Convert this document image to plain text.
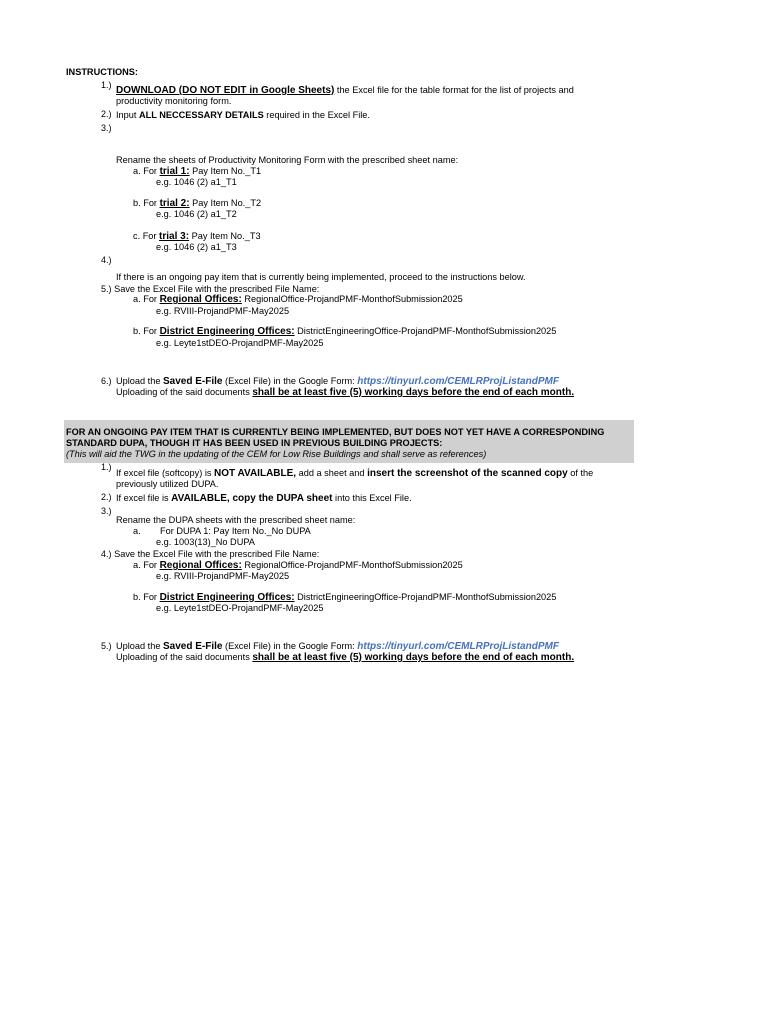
INSTRUCTIONS:
1.) DOWNLOAD (DO NOT EDIT in Google Sheets) the Excel file for the table format for the list of projects and
productivity monitoring form.
2.) Input ALL NECCESSARY DETAILS required in the Excel File.
3.)
Rename the sheets of Productivity Monitoring Form with the prescribed sheet name:
a. For trial 1: Pay Item No._T1
e.g. 1046 (2) a1_T1
b. For trial 2: Pay Item No._T2
e.g. 1046 (2) a1_T2
c. For trial 3: Pay Item No._T3
e.g. 1046 (2) a1_T3
4.)
If there is an ongoing pay item that is currently being implemented, proceed to the instructions below.
5.) Save the Excel File with the prescribed File Name:
a. For Regional Offices: RegionalOffice-ProjandPMF-MonthofSubmission2025
e.g. RVIII-ProjandPMF-May2025
b. For District Engineering Offices: DistrictEngineeringOffice-ProjandPMF-MonthofSubmission2025
e.g. Leyte1stDEO-ProjandPMF-May2025
6.) Upload the Saved E-File (Excel File) in the Google Form: https://tinyurl.com/CEMLRProjListandPMF
Uploading of the said documents shall be at least five (5) working days before the end of each month.
FOR AN ONGOING PAY ITEM THAT IS CURRENTLY BEING IMPLEMENTED, BUT DOES NOT YET HAVE A CORRESPONDING
STANDARD DUPA, THOUGH IT HAS BEEN USED IN PREVIOUS BUILDING PROJECTS:
(This will aid the TWG in the updating of the CEM for Low Rise Buildings and shall serve as references)
1.)
If excel file (softcopy) is NOT AVAILABLE, add a sheet and insert the screenshot of the scanned copy of the
previously utilized DUPA.
2.) If excel file is AVAILABLE, copy the DUPA sheet into this Excel File.
3.)
Rename the DUPA sheets with the prescribed sheet name:
a. For DUPA 1: Pay Item No._No DUPA
e.g. 1003(13)_No DUPA
4.) Save the Excel File with the prescribed File Name:
a. For Regional Offices: RegionalOffice-ProjandPMF-MonthofSubmission2025
e.g. RVIII-ProjandPMF-May2025
b. For District Engineering Offices: DistrictEngineeringOffice-ProjandPMF-MonthofSubmission2025
e.g. Leyte1stDEO-ProjandPMF-May2025
5.) Upload the Saved E-File (Excel File) in the Google Form: https://tinyurl.com/CEMLRProjListandPMF
Uploading of the said documents shall be at least five (5) working days before the end of each month.
